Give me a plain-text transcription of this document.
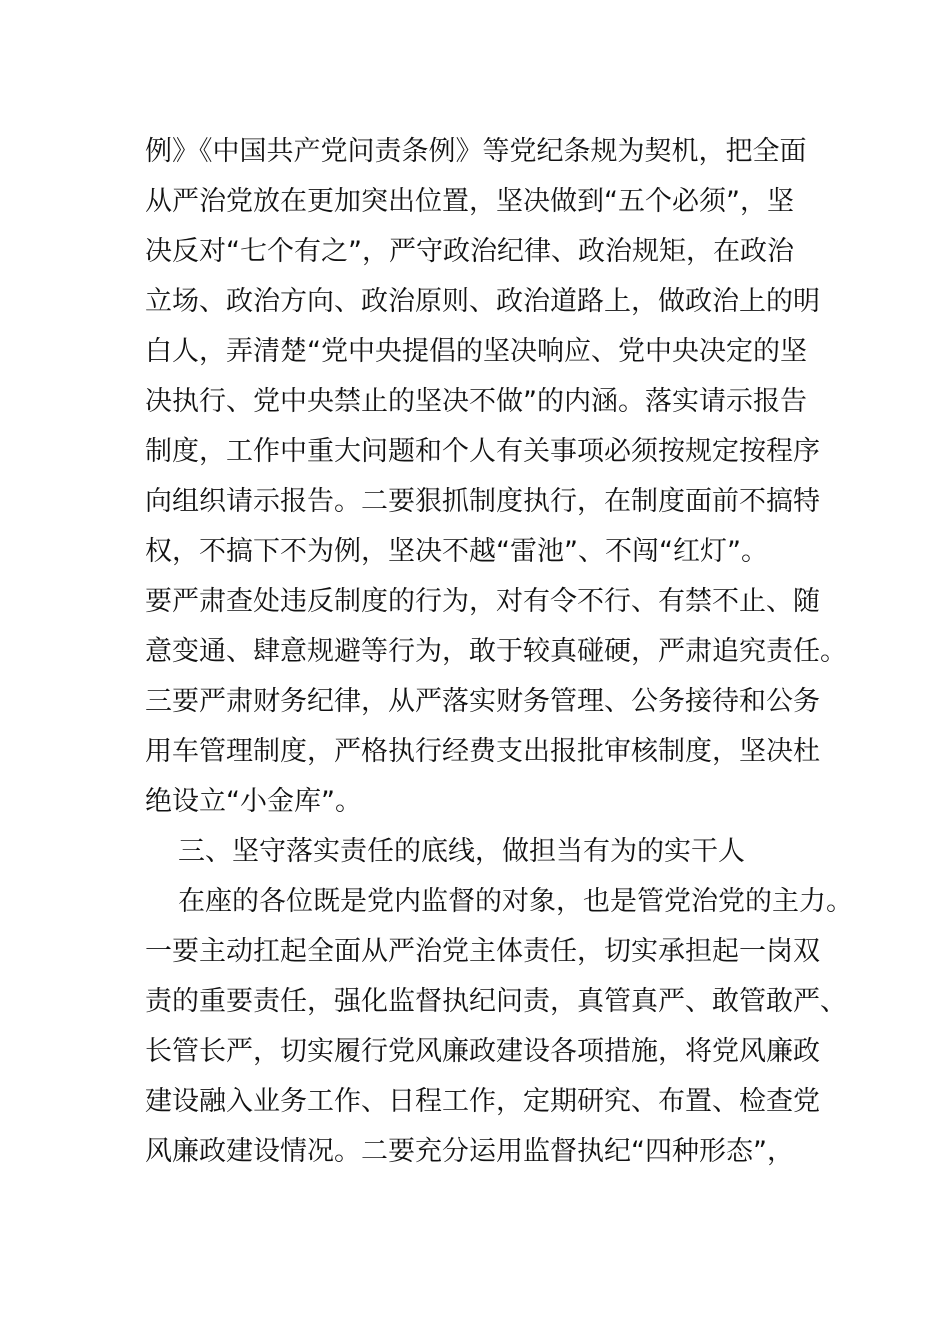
例》《中国共产党问责条例》等党纪条规为契机，把全面
从严治党放在更加突出位置，坚决做到“五个必须”，坚
决反对“七个有之”，严守政治纪律、政治规矩，在政治
立场、政治方向、政治原则、政治道路上，做政治上的明
白人，弄清楚“党中央提倡的坚决响应、党中央决定的坚
决执行、党中央禁止的坚决不做”的内涵。落实请示报告
制度，工作中重大问题和个人有关事项必须按规定按程序
向组织请示报告。二要狠抓制度执行，在制度面前不搞特
权，不搞下不为例，坚决不越“雷池”、不闯“红灯”。
要严肃查处违反制度的行为，对有令不行、有禁不止、随
意变通、肆意规避等行为，敢于较真碰硬，严肃追究责任。
三要严肃财务纪律，从严落实财务管理、公务接待和公务
用车管理制度，严格执行经费支出报批审核制度，坚决杜
绝设立“小金库”。
三、坚守落实责任的底线，做担当有为的实干人
在座的各位既是党内监督的对象，也是管党治党的主力。
一要主动扛起全面从严治党主体责任，切实承担起一岗双
责的重要责任，强化监督执纪问责，真管真严、敢管敢严、
长管长严，切实履行党风廉政建设各项措施，将党风廉政
建设融入业务工作、日程工作，定期研究、布置、检查党
风廉政建设情况。二要充分运用监督执纪“四种形态”，
